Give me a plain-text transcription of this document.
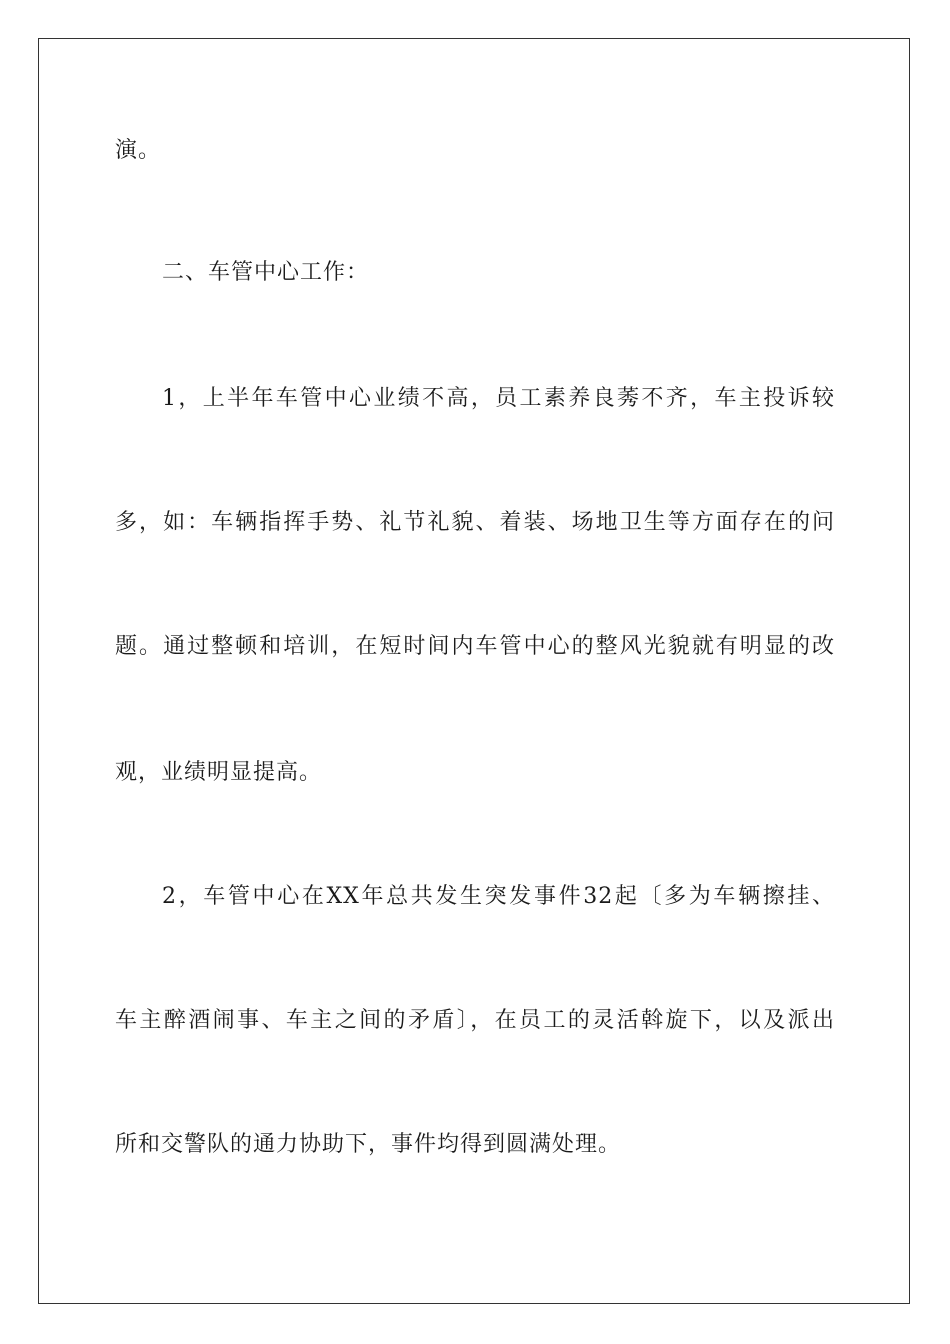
演。
二、车管中心工作：
1，上半年车管中心业绩不高，员工素养良莠不齐，车主投诉较
多，如：车辆指挥手势、礼节礼貌、着装、场地卫生等方面存在的问
题。通过整顿和培训，在短时间内车管中心的整风光貌就有明显的改
观，业绩明显提高。
2，车管中心在XX年总共发生突发事件32起〔多为车辆擦挂、
车主醉酒闹事、车主之间的矛盾〕，在员工的灵活斡旋下，以及派出
所和交警队的通力协助下，事件均得到圆满处理。
